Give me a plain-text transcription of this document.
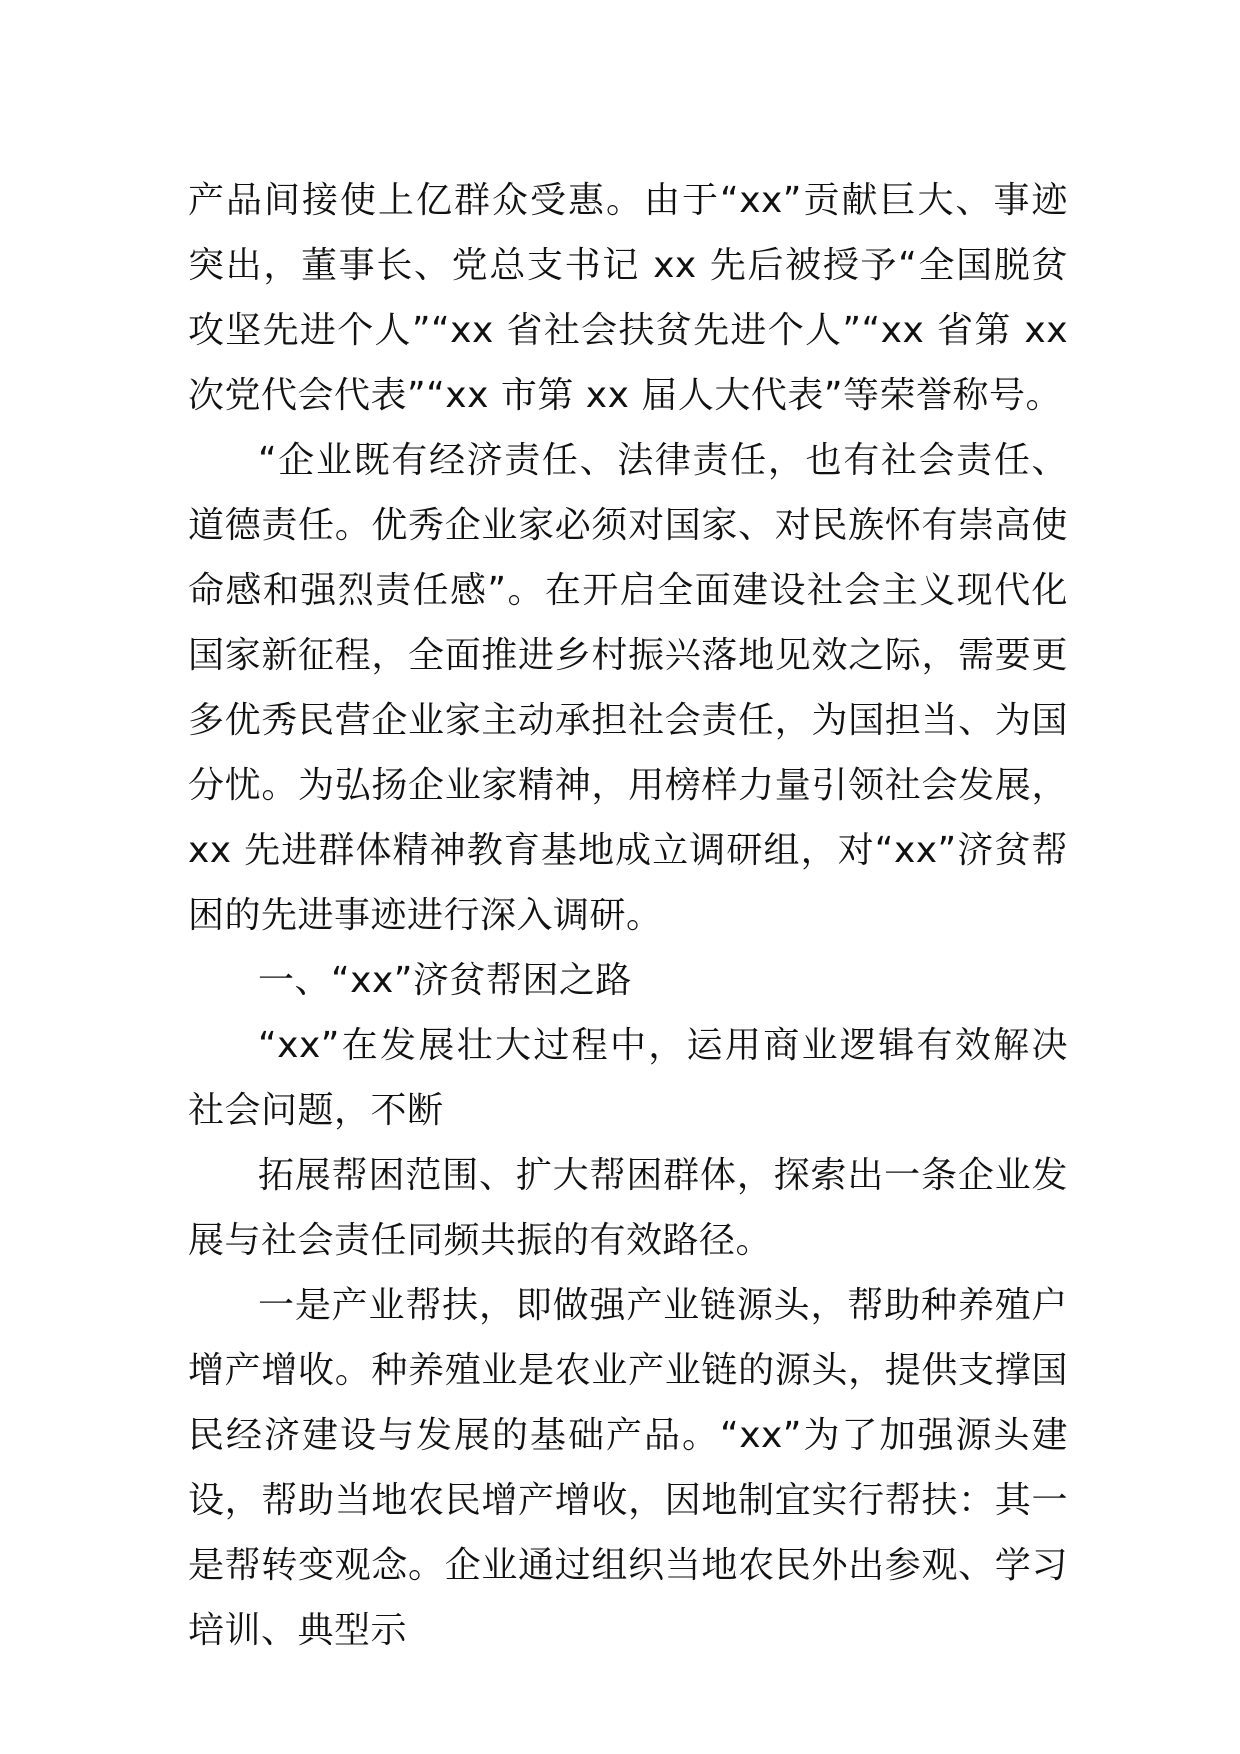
产品间接使上亿群众受惠。由于“xx”贡献巨大、事迹突出，董事长、党总支书记 xx 先后被授予“全国脱贫攻坚先进个人”“xx 省社会扶贫先进个人”“xx 省第 xx 次党代会代表”“xx 市第 xx 届人大代表”等荣誉称号。

“企业既有经济责任、法律责任，也有社会责任、道德责任。优秀企业家必须对国家、对民族怀有崇高使命感和强烈责任感”。在开启全面建设社会主义现代化国家新征程，全面推进乡村振兴落地见效之际，需要更多优秀民营企业家主动承担社会责任，为国担当、为国分忧。为弘扬企业家精神，用榜样力量引领社会发展，xx 先进群体精神教育基地成立调研组，对“xx”济贫帮困的先进事迹进行深入调研。

一、“xx”济贫帮困之路

“xx”在发展壮大过程中，运用商业逻辑有效解决社会问题，不断

拓展帮困范围、扩大帮困群体，探索出一条企业发展与社会责任同频共振的有效路径。

一是产业帮扶，即做强产业链源头，帮助种养殖户增产增收。种养殖业是农业产业链的源头，提供支撑国民经济建设与发展的基础产品。“xx”为了加强源头建设，帮助当地农民增产增收，因地制宜实行帮扶：其一是帮转变观念。企业通过组织当地农民外出参观、学习培训、典型示
